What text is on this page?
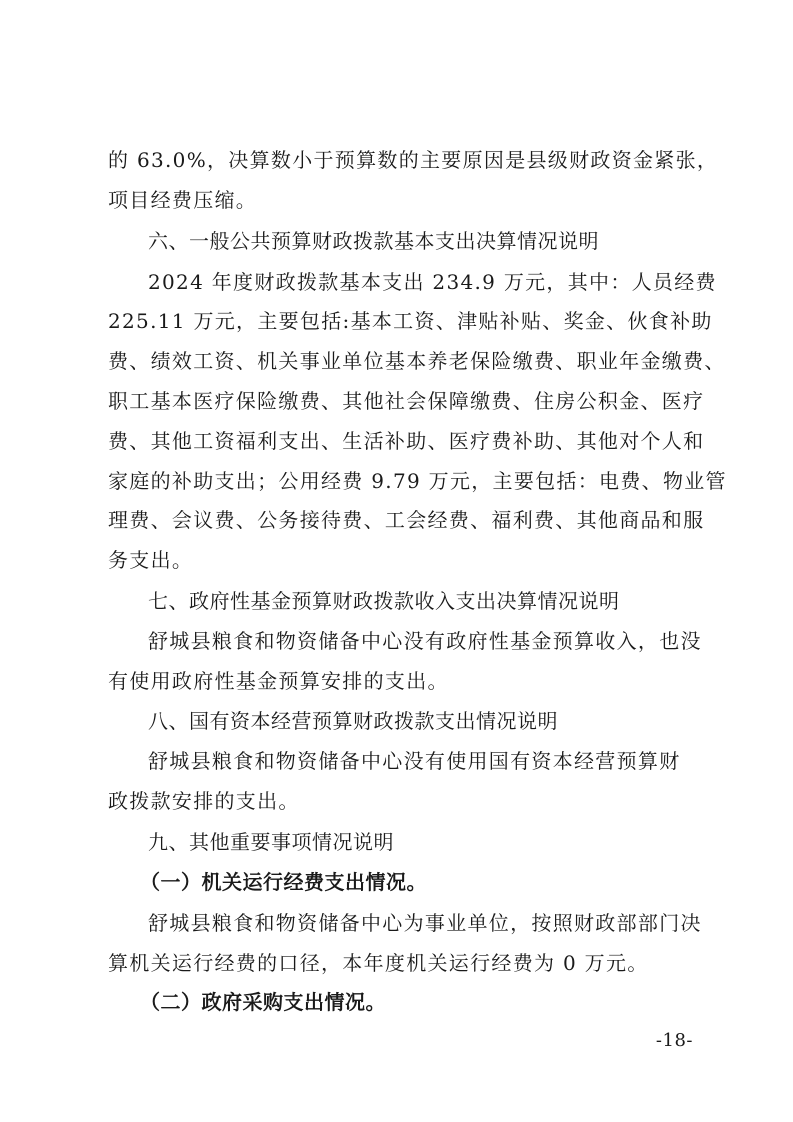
的 63.0%，决算数小于预算数的主要原因是县级财政资金紧张，
项目经费压缩。
六、一般公共预算财政拨款基本支出决算情况说明
2024 年度财政拨款基本支出 234.9 万元，其中：人员经费
225.11 万元，主要包括:基本工资、津贴补贴、奖金、伙食补助
费、绩效工资、机关事业单位基本养老保险缴费、职业年金缴费、
职工基本医疗保险缴费、其他社会保障缴费、住房公积金、医疗
费、其他工资福利支出、生活补助、医疗费补助、其他对个人和
家庭的补助支出；公用经费 9.79 万元，主要包括：电费、物业管
理费、会议费、公务接待费、工会经费、福利费、其他商品和服
务支出。
七、政府性基金预算财政拨款收入支出决算情况说明
舒城县粮食和物资储备中心没有政府性基金预算收入，也没
有使用政府性基金预算安排的支出。
八、国有资本经营预算财政拨款支出情况说明
舒城县粮食和物资储备中心没有使用国有资本经营预算财
政拨款安排的支出。
九、其他重要事项情况说明
（一）机关运行经费支出情况。
舒城县粮食和物资储备中心为事业单位，按照财政部部门决
算机关运行经费的口径，本年度机关运行经费为 0 万元。
（二）政府采购支出情况。
-18-
